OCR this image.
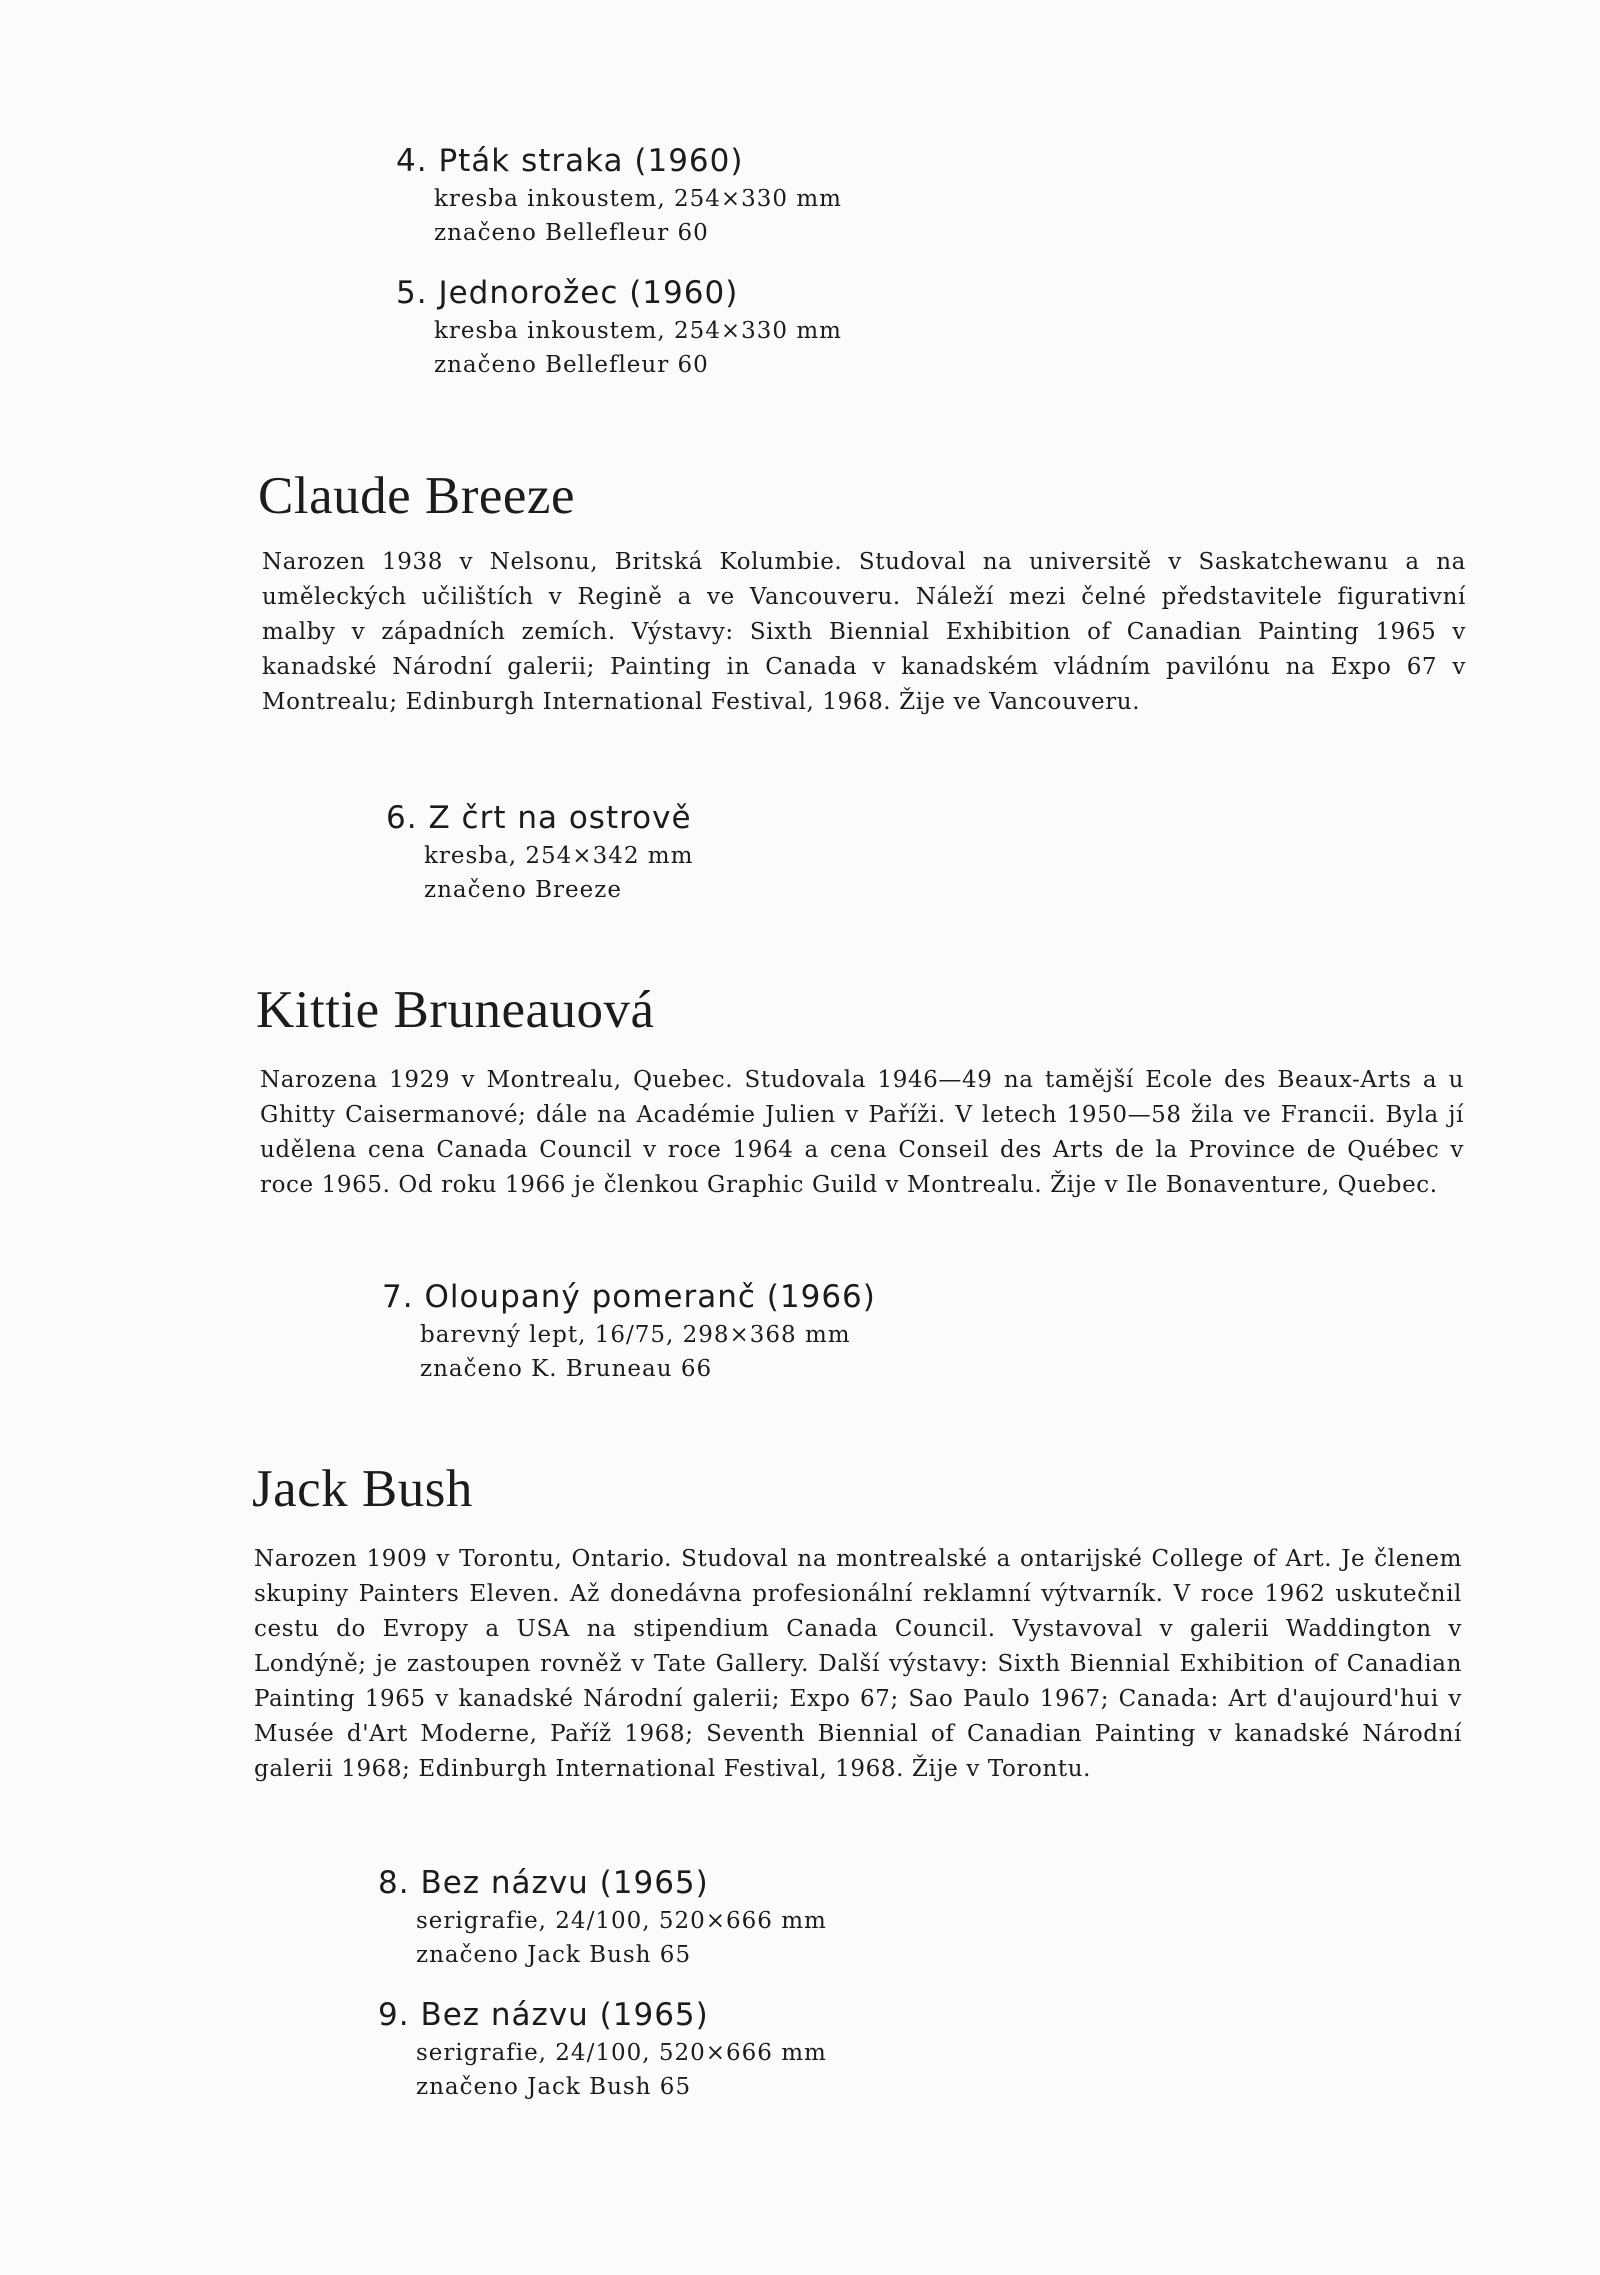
4. Pták straka (1960)
kresba inkoustem, 254×330 mm
značeno Bellefleur 60
5. Jednorožec (1960)
kresba inkoustem, 254×330 mm
značeno Bellefleur 60
Claude Breeze
Narozen 1938 v Nelsonu, Britská Kolumbie. Studoval na universitě v Saskatchewanu a na uměleckých učilištích v Regině a ve Vancouveru. Náleží mezi čelné představitele figurativní malby v západních zemích. Výstavy: Sixth Biennial Exhibition of Canadian Painting 1965 v kanadské Národní galerii; Painting in Canada v kanadském vládním pavilónu na Expo 67 v Montrealu; Edinburgh International Festival, 1968. Žije ve Vancouveru.
6. Z črt na ostrově
kresba, 254×342 mm
značeno Breeze
Kittie Bruneauová
Narozena 1929 v Montrealu, Quebec. Studovala 1946—49 na tamější Ecole des Beaux-Arts a u Ghitty Caisermanové; dále na Académie Julien v Paříži. V letech 1950—58 žila ve Francii. Byla jí udělena cena Canada Council v roce 1964 a cena Conseil des Arts de la Province de Québec v roce 1965. Od roku 1966 je členkou Graphic Guild v Montrealu. Žije v Ile Bonaventure, Quebec.
7. Oloupaný pomeranč (1966)
barevný lept, 16/75, 298×368 mm
značeno K. Bruneau 66
Jack Bush
Narozen 1909 v Torontu, Ontario. Studoval na montrealské a ontarijské College of Art. Je členem skupiny Painters Eleven. Až donedávna profesionální reklamní výtvarník. V roce 1962 uskutečnil cestu do Evropy a USA na stipendium Canada Council. Vystavoval v galerii Waddington v Londýně; je zastoupen rovněž v Tate Gallery. Další výstavy: Sixth Biennial Exhibition of Canadian Painting 1965 v kanadské Národní galerii; Expo 67; Sao Paulo 1967; Canada: Art d'aujourd'hui v Musée d'Art Moderne, Paříž 1968; Seventh Biennial of Canadian Painting v kanadské Národní galerii 1968; Edinburgh International Festival, 1968. Žije v Torontu.
8. Bez názvu (1965)
serigrafie, 24/100, 520×666 mm
značeno Jack Bush 65
9. Bez názvu (1965)
serigrafie, 24/100, 520×666 mm
značeno Jack Bush 65
